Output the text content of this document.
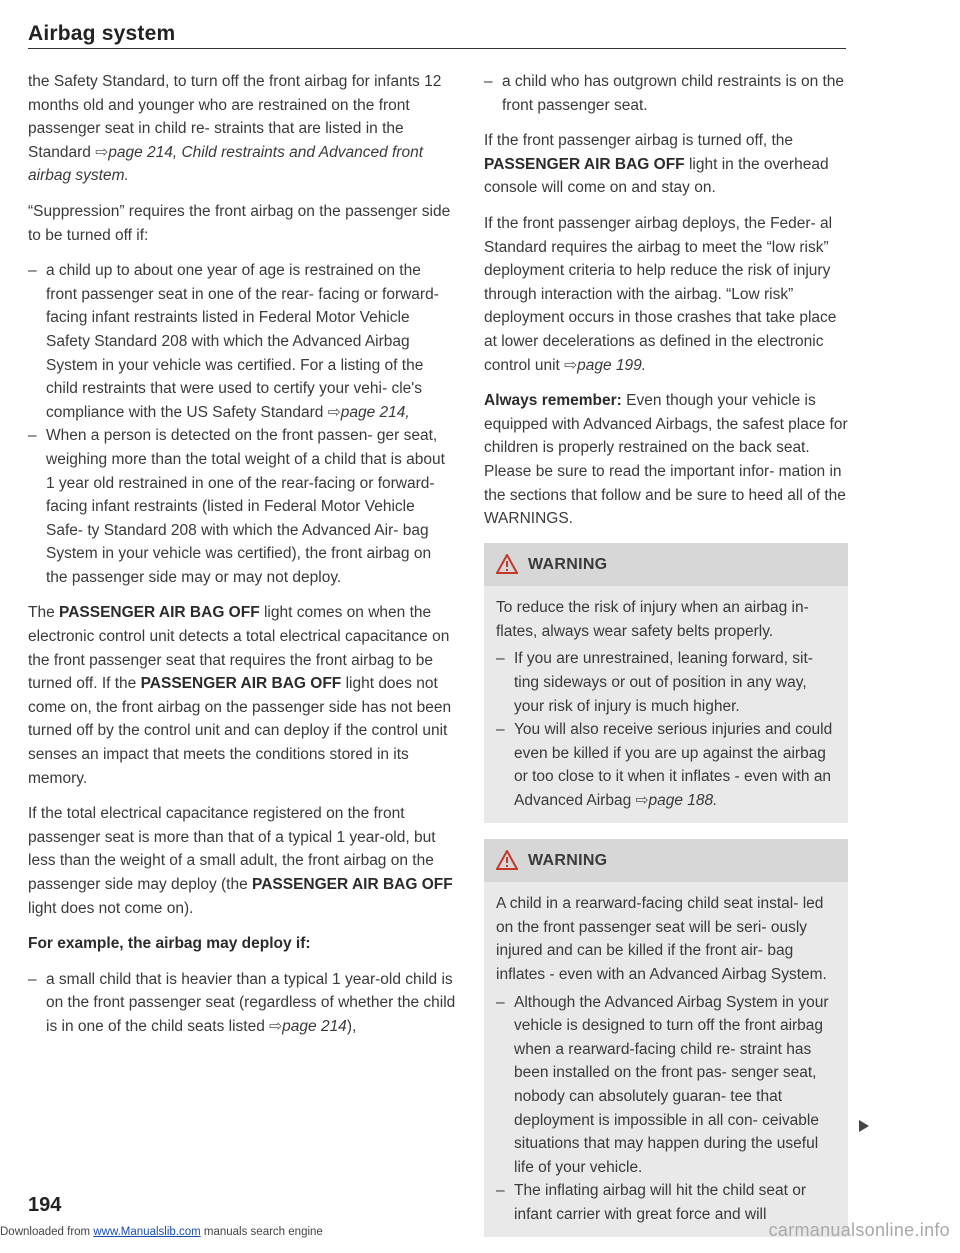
Airbag system

the Safety Standard, to turn off the front airbag for infants 12 months old and younger who are restrained on the front passenger seat in child re- straints that are listed in the Standard ⇨page 214, Child restraints and Advanced front airbag system.

“Suppression” requires the front airbag on the passenger side to be turned off if:

– a child up to about one year of age is restrained on the front passenger seat in one of the rear- facing or forward-facing infant restraints listed in Federal Motor Vehicle Safety Standard 208 with which the Advanced Airbag System in your vehicle was certified. For a listing of the child restraints that were used to certify your vehi- cle's compliance with the US Safety Standard ⇨page 214,
– When a person is detected on the front passen- ger seat, weighing more than the total weight of a child that is about 1 year old restrained in one of the rear-facing or forward-facing infant restraints (listed in Federal Motor Vehicle Safe- ty Standard 208 with which the Advanced Air- bag System in your vehicle was certified), the front airbag on the passenger side may or may not deploy.

The PASSENGER AIR BAG OFF light comes on when the electronic control unit detects a total electrical capacitance on the front passenger seat that requires the front airbag to be turned off. If the PASSENGER AIR BAG OFF light does not come on, the front airbag on the passenger side has not been turned off by the control unit and can deploy if the control unit senses an impact that meets the conditions stored in its memory.

If the total electrical capacitance registered on the front passenger seat is more than that of a typical 1 year-old, but less than the weight of a small adult, the front airbag on the passenger side may deploy (the PASSENGER AIR BAG OFF light does not come on).

For example, the airbag may deploy if:

– a small child that is heavier than a typical 1 year-old child is on the front passenger seat (regardless of whether the child is in one of the child seats listed ⇨page 214),
– a child who has outgrown child restraints is on the front passenger seat.

If the front passenger airbag is turned off, the PASSENGER AIR BAG OFF light in the overhead console will come on and stay on.

If the front passenger airbag deploys, the Feder- al Standard requires the airbag to meet the “low risk” deployment criteria to help reduce the risk of injury through interaction with the airbag. “Low risk” deployment occurs in those crashes that take place at lower decelerations as defined in the electronic control unit ⇨page 199.

Always remember: Even though your vehicle is equipped with Advanced Airbags, the safest place for children is properly restrained on the back seat. Please be sure to read the important infor- mation in the sections that follow and be sure to heed all of the WARNINGS.

WARNING

To reduce the risk of injury when an airbag in- flates, always wear safety belts properly.

– If you are unrestrained, leaning forward, sit- ting sideways or out of position in any way, your risk of injury is much higher.
– You will also receive serious injuries and could even be killed if you are up against the airbag or too close to it when it inflates - even with an Advanced Airbag ⇨page 188.
WARNING

A child in a rearward-facing child seat instal- led on the front passenger seat will be seri- ously injured and can be killed if the front air- bag inflates - even with an Advanced Airbag System.

– Although the Advanced Airbag System in your vehicle is designed to turn off the front airbag when a rearward-facing child re- straint has been installed on the front pas- senger seat, nobody can absolutely guaran- tee that deployment is impossible in all con- ceivable situations that may happen during the useful life of your vehicle.
– The inflating airbag will hit the child seat or infant carrier with great force and will
194
Downloaded from www.Manualslib.com manuals search engine	carmanualsonline.info
